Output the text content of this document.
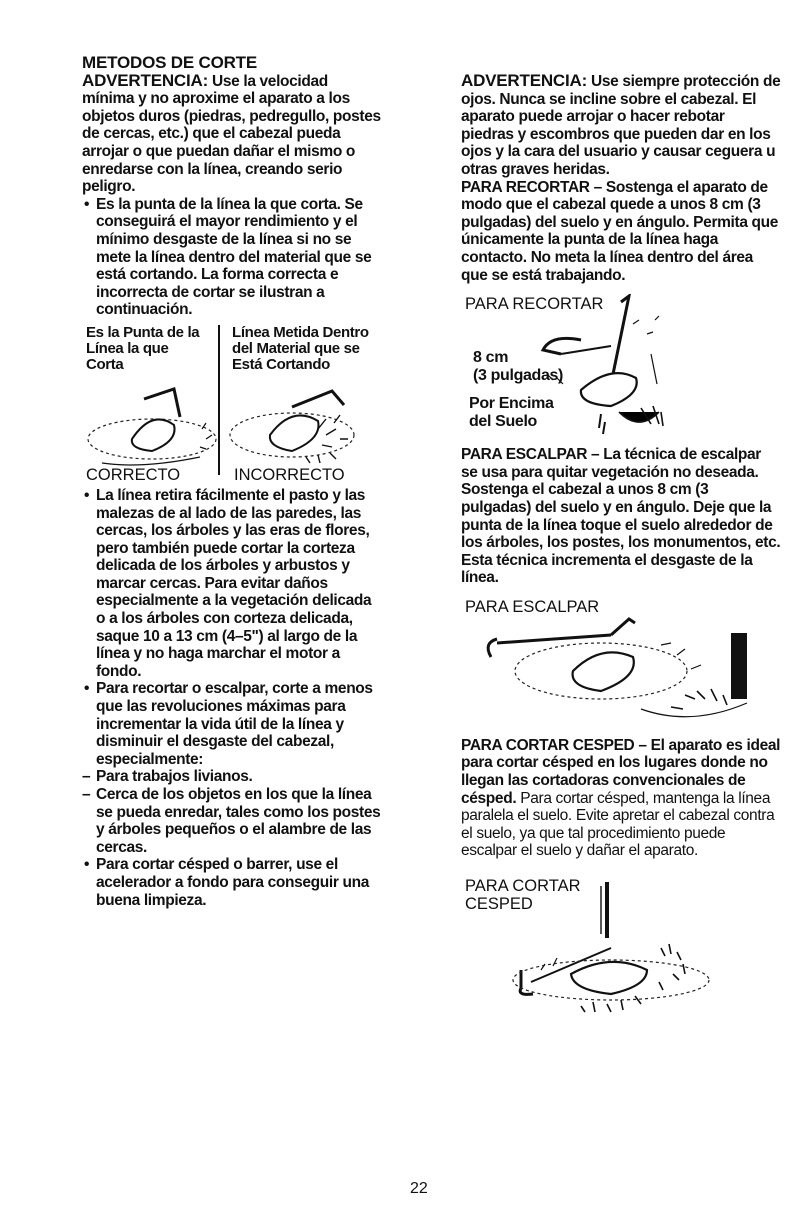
METODOS DE CORTE

ADVERTENCIA: Use la velocidad mínima y no aproxime el aparato a los objetos duros (piedras, pedregullo, postes de cercas, etc.) que el cabezal pueda arrojar o que puedan dañar el mismo o enredarse con la línea, creando serio peligro.

• Es la punta de la línea la que corta. Se conseguirá el mayor rendimiento y el mínimo desgaste de la línea si no se mete la línea dentro del material que se está cortando. La forma correcta e incorrecta de cortar se ilustran a continuación.

Es la Punta de la Línea la que Corta
Línea Metida Dentro del Material que se Está Cortando
CORRECTO	INCORRECTO

• La línea retira fácilmente el pasto y las malezas de al lado de las paredes, las cercas, los árboles y las eras de flores, pero también puede cortar la corteza delicada de los árboles y arbustos y marcar cercas. Para evitar daños especialmente a la vegetación delicada o a los árboles con corteza delicada, saque 10 a 13 cm (4–5") al largo de la línea y no haga marchar el motor a fondo.

• Para recortar o escalpar, corte a menos que las revoluciones máximas para incrementar la vida útil de la línea y disminuir el desgaste del cabezal, especialmente:

– Para trabajos livianos.

– Cerca de los objetos en los que la línea se pueda enredar, tales como los postes y árboles pequeños o el alambre de las cercas.

• Para cortar césped o barrer, use el acelerador a fondo para conseguir una buena limpieza.

ADVERTENCIA: Use siempre protección de ojos. Nunca se incline sobre el cabezal. El aparato puede arrojar o hacer rebotar piedras y escombros que pueden dar en los ojos y la cara del usuario y causar ceguera u otras graves heridas.

PARA RECORTAR – Sostenga el aparato de modo que el cabezal quede a unos 8 cm (3 pulgadas) del suelo y en ángulo. Permita que únicamente la punta de la línea haga contacto. No meta la línea dentro del área que se está trabajando.

PARA RECORTAR
8 cm
(3 pulgadas)
Por Encima
del Suelo

PARA ESCALPAR – La técnica de escalpar se usa para quitar vegetación no deseada. Sostenga el cabezal a unos 8 cm (3 pulgadas) del suelo y en ángulo. Deje que la punta de la línea toque el suelo alrededor de los árboles, los postes, los monumentos, etc. Esta técnica incrementa el desgaste de la línea.

PARA ESCALPAR

PARA CORTAR CESPED – El aparato es ideal para cortar césped en los lugares donde no llegan las cortadoras convencionales de césped. Para cortar césped, mantenga la línea paralela el suelo. Evite apretar el cabezal contra el suelo, ya que tal procedimiento puede escalpar el suelo y dañar el aparato.

PARA CORTAR
CESPED
22
